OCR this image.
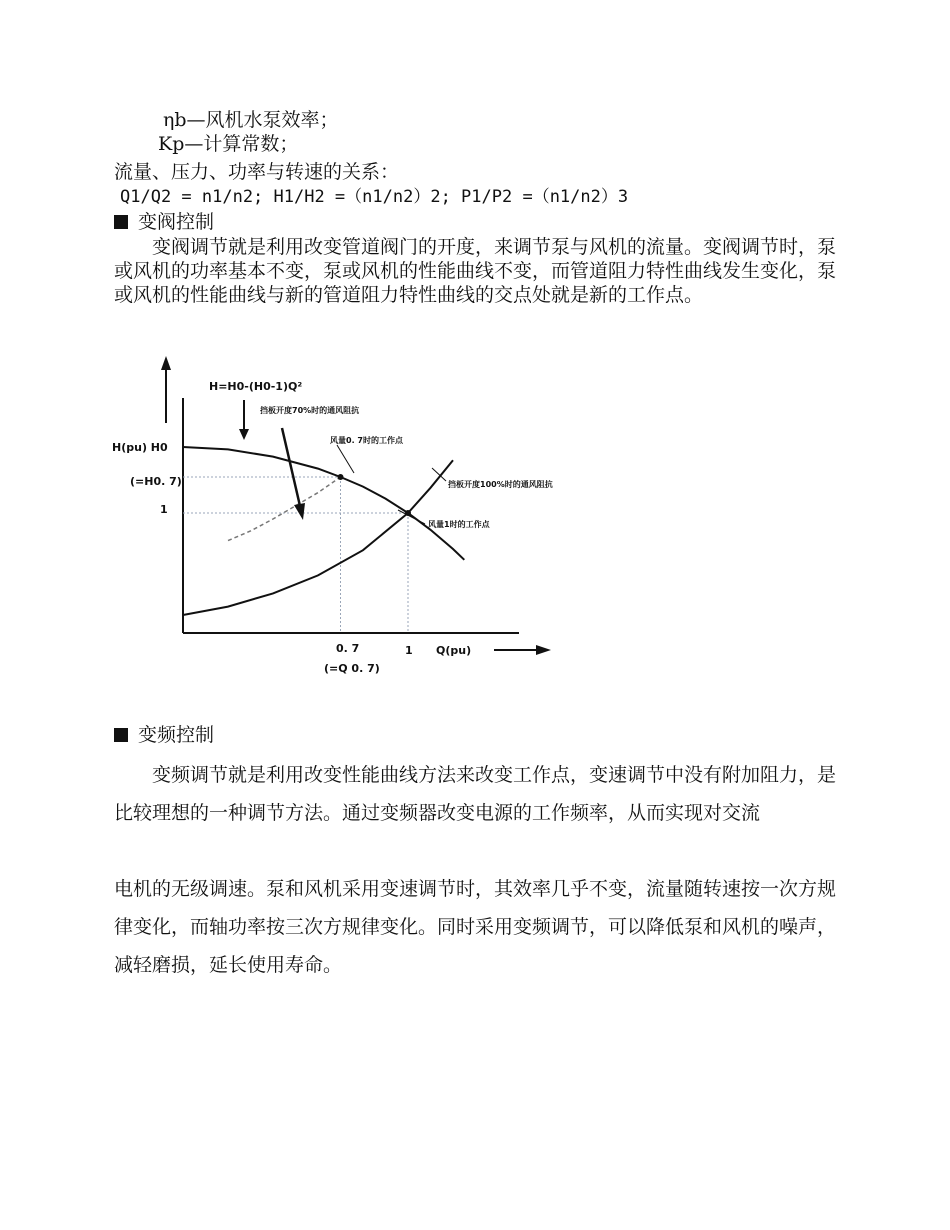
ηb—风机水泵效率；
Kp—计算常数；
流量、压力、功率与转速的关系：
Q1/Q2 = n1/n2; H1/H2 =（n1/n2）2; P1/P2 =（n1/n2）3
变阀控制

变阀调节就是利用改变管道阀门的开度，来调节泵与风机的流量。变阀调节时，泵或风机的功率基本不变，泵或风机的性能曲线不变，而管道阻力特性曲线发生变化，泵或风机的性能曲线与新的管道阻力特性曲线的交点处就是新的工作点。

H=H0-(H0-1)Q²
挡板开度70%时的通风阻抗
风量0. 7时的工作点
挡板开度100%时的通风阻抗
风量1时的工作点
H(pu) H0
(=H0. 7)
1
0. 7
(=Q 0. 7)
1 Q(pu)
变频控制

变频调节就是利用改变性能曲线方法来改变工作点，变速调节中没有附加阻力，是比较理想的一种调节方法。通过变频器改变电源的工作频率，从而实现对交流

电机的无级调速。泵和风机采用变速调节时，其效率几乎不变，流量随转速按一次方规律变化，而轴功率按三次方规律变化。同时采用变频调节，可以降低泵和风机的噪声，减轻磨损，延长使用寿命。
